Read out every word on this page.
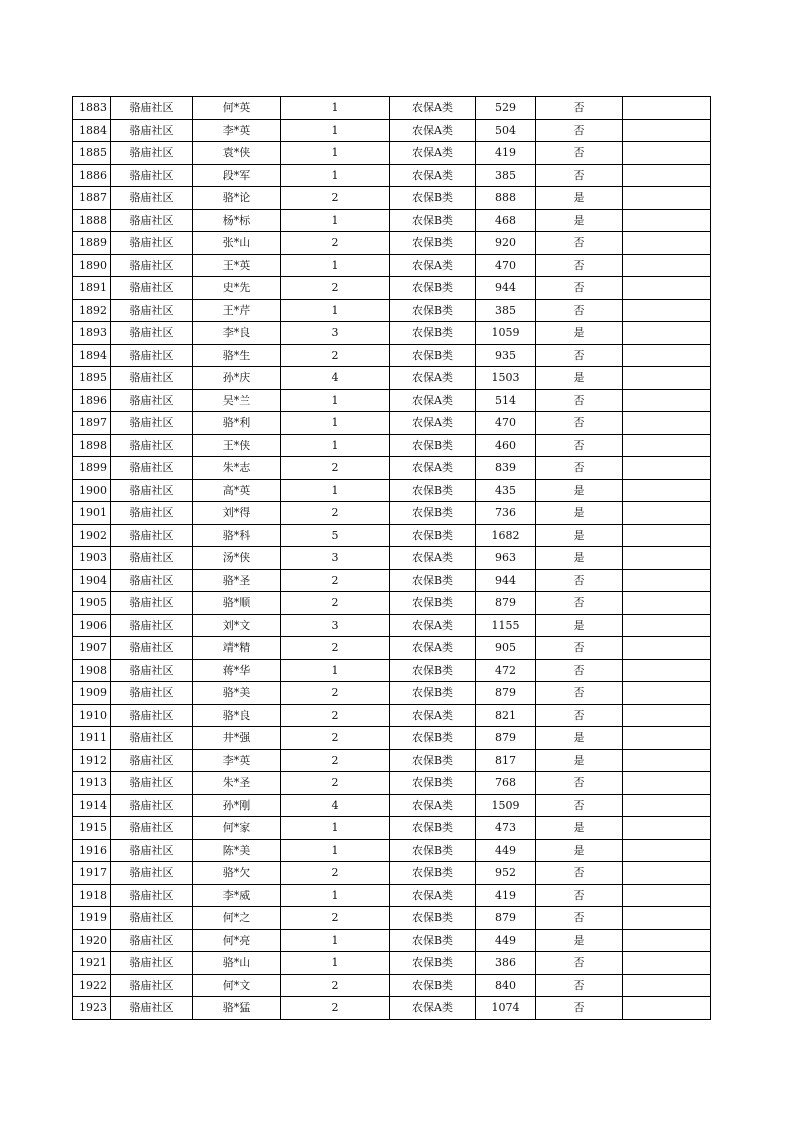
1883	骆庙社区	何*英	1	农保A类	529	否	
1884	骆庙社区	李*英	1	农保A类	504	否	
1885	骆庙社区	袁*侠	1	农保A类	419	否	
1886	骆庙社区	段*军	1	农保A类	385	否	
1887	骆庙社区	骆*论	2	农保B类	888	是	
1888	骆庙社区	杨*标	1	农保B类	468	是	
1889	骆庙社区	张*山	2	农保B类	920	否	
1890	骆庙社区	王*英	1	农保A类	470	否	
1891	骆庙社区	史*先	2	农保B类	944	否	
1892	骆庙社区	王*芹	1	农保B类	385	否	
1893	骆庙社区	李*良	3	农保B类	1059	是	
1894	骆庙社区	骆*生	2	农保B类	935	否	
1895	骆庙社区	孙*庆	4	农保A类	1503	是	
1896	骆庙社区	吴*兰	1	农保A类	514	否	
1897	骆庙社区	骆*利	1	农保A类	470	否	
1898	骆庙社区	王*侠	1	农保B类	460	否	
1899	骆庙社区	朱*志	2	农保A类	839	否	
1900	骆庙社区	高*英	1	农保B类	435	是	
1901	骆庙社区	刘*得	2	农保B类	736	是	
1902	骆庙社区	骆*科	5	农保B类	1682	是	
1903	骆庙社区	汤*侠	3	农保A类	963	是	
1904	骆庙社区	骆*圣	2	农保B类	944	否	
1905	骆庙社区	骆*顺	2	农保B类	879	否	
1906	骆庙社区	刘*文	3	农保A类	1155	是	
1907	骆庙社区	靖*精	2	农保A类	905	否	
1908	骆庙社区	蒋*华	1	农保B类	472	否	
1909	骆庙社区	骆*美	2	农保B类	879	否	
1910	骆庙社区	骆*良	2	农保A类	821	否	
1911	骆庙社区	井*强	2	农保B类	879	是	
1912	骆庙社区	李*英	2	农保B类	817	是	
1913	骆庙社区	朱*圣	2	农保B类	768	否	
1914	骆庙社区	孙*刚	4	农保A类	1509	否	
1915	骆庙社区	何*家	1	农保B类	473	是	
1916	骆庙社区	陈*美	1	农保B类	449	是	
1917	骆庙社区	骆*欠	2	农保B类	952	否	
1918	骆庙社区	李*威	1	农保A类	419	否	
1919	骆庙社区	何*之	2	农保B类	879	否	
1920	骆庙社区	何*亮	1	农保B类	449	是	
1921	骆庙社区	骆*山	1	农保B类	386	否	
1922	骆庙社区	何*文	2	农保B类	840	否	
1923	骆庙社区	骆*猛	2	农保A类	1074	否	
